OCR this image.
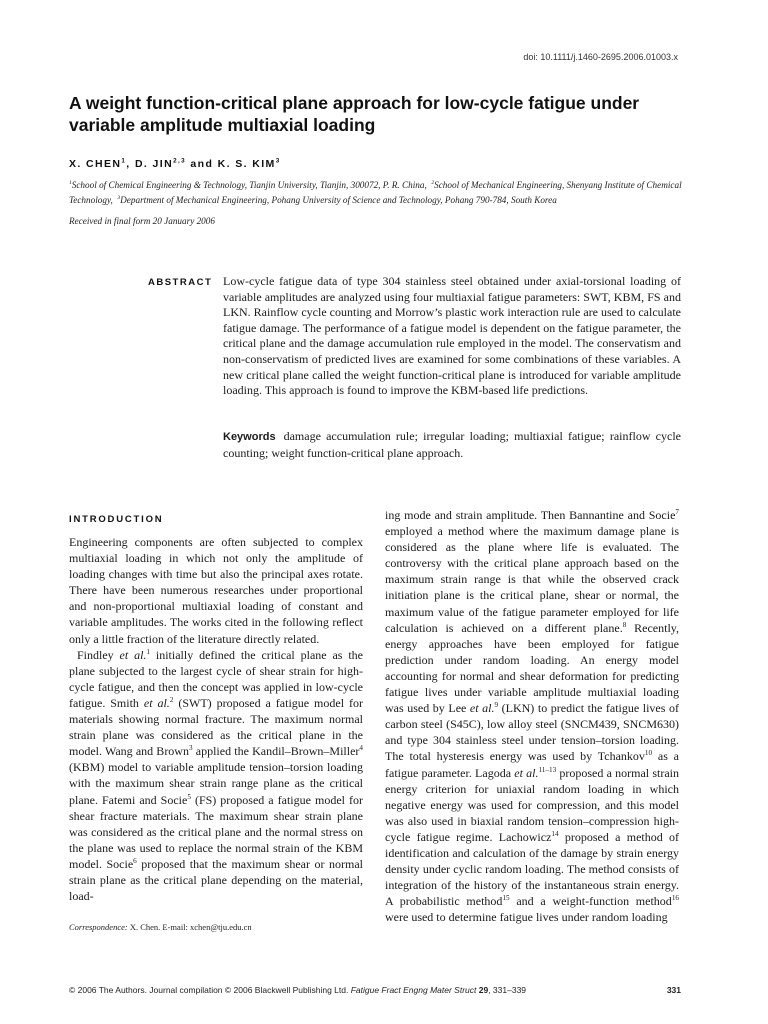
doi: 10.1111/j.1460-2695.2006.01003.x
A weight function-critical plane approach for low-cycle fatigue under variable amplitude multiaxial loading
X. CHEN$^1$, D. JIN$^{2,3}$ and K. S. KIM$^3$
$^1$School of Chemical Engineering & Technology, Tianjin University, Tianjin, 300072, P. R. China, $^2$School of Mechanical Engineering, Shenyang Institute of Chemical Technology, $^3$Department of Mechanical Engineering, Pohang University of Science and Technology, Pohang 790-784, South Korea
Received in final form 20 January 2006
ABSTRACT Low-cycle fatigue data of type 304 stainless steel obtained under axial-torsional loading of variable amplitudes are analyzed using four multiaxial fatigue parameters: SWT, KBM, FS and LKN. Rainflow cycle counting and Morrow’s plastic work interaction rule are used to calculate fatigue damage. The performance of a fatigue model is dependent on the fatigue parameter, the critical plane and the damage accumulation rule employed in the model. The conservatism and non-conservatism of predicted lives are examined for some combinations of these variables. A new critical plane called the weight function-critical plane is introduced for variable amplitude loading. This approach is found to improve the KBM-based life predictions.

Keywords damage accumulation rule; irregular loading; multiaxial fatigue; rainflow cycle counting; weight function-critical plane approach.

INTRODUCTION

Engineering components are often subjected to complex multiaxial loading in which not only the amplitude of loading changes with time but also the principal axes rotate. There have been numerous researches under proportional and non-proportional multiaxial loading of constant and variable amplitudes. The works cited in the following reflect only a little fraction of the literature directly related.

Findley et al.$^1$ initially defined the critical plane as the plane subjected to the largest cycle of shear strain for high-cycle fatigue, and then the concept was applied in low-cycle fatigue. Smith et al.$^2$ (SWT) proposed a fatigue model for materials showing normal fracture. The maximum normal strain plane was considered as the critical plane in the model. Wang and Brown$^3$ applied the Kandil–Brown–Miller$^4$ (KBM) model to variable amplitude tension–torsion loading with the maximum shear strain range plane as the critical plane. Fatemi and Socie$^5$ (FS) proposed a fatigue model for shear fracture materials. The maximum shear strain plane was considered as the critical plane and the normal stress on the plane was used to replace the normal strain of the KBM model. Socie$^6$ proposed that the maximum shear or normal strain plane as the critical plane depending on the material, load-

ing mode and strain amplitude. Then Bannantine and Socie$^7$ employed a method where the maximum damage plane is considered as the plane where life is evaluated. The controversy with the critical plane approach based on the maximum strain range is that while the observed crack initiation plane is the critical plane, shear or normal, the maximum value of the fatigue parameter employed for life calculation is achieved on a different plane.$^8$ Recently, energy approaches have been employed for fatigue prediction under random loading. An energy model accounting for normal and shear deformation for predicting fatigue lives under variable amplitude multiaxial loading was used by Lee et al.$^9$ (LKN) to predict the fatigue lives of carbon steel (S45C), low alloy steel (SNCM439, SNCM630) and type 304 stainless steel under tension–torsion loading. The total hysteresis energy was used by Tchankov$^{10}$ as a fatigue parameter. Lagoda et al.$^{11-13}$ proposed a normal strain energy criterion for uniaxial random loading in which negative energy was used for compression, and this model was also used in biaxial random tension–compression high-cycle fatigue regime. Lachowicz$^{14}$ proposed a method of identification and calculation of the damage by strain energy density under cyclic random loading. The method consists of integration of the history of the instantaneous strain energy. A probabilistic method$^{15}$ and a weight-function method$^{16}$ were used to determine fatigue lives under random loading

Correspondence: X. Chen. E-mail: xchen@tju.edu.cn
© 2006 The Authors. Journal compilation © 2006 Blackwell Publishing Ltd. Fatigue Fract Engng Mater Struct 29, 331–339	331
